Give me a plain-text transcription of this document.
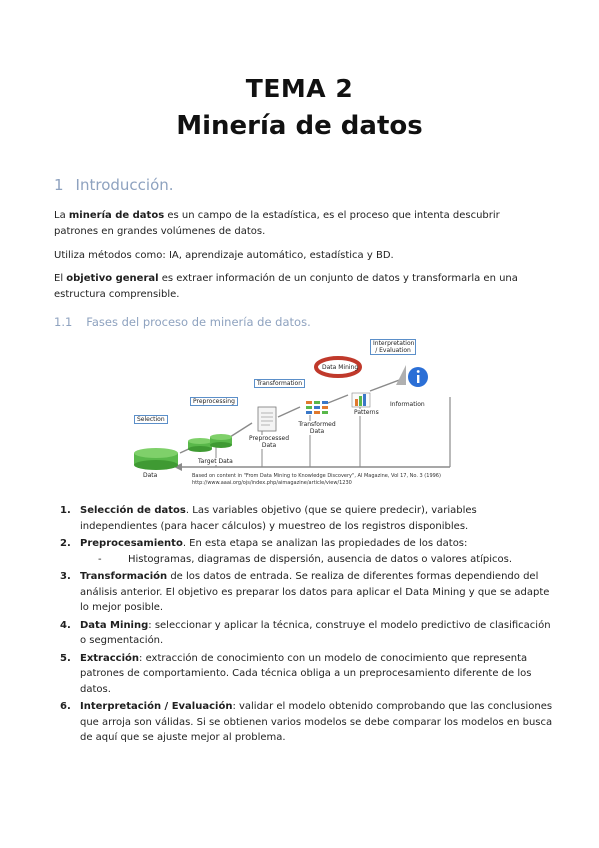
TEMA 2
Minería de datos
1 Introducción.
La minería de datos es un campo de la estadística, es el proceso que intenta descubrir patrones en grandes volúmenes de datos.
Utiliza métodos como: IA, aprendizaje automático, estadística y BD.
El objetivo general es extraer información de un conjunto de datos y transformarla en una estructura comprensible.
1.1 Fases del proceso de minería de datos.
Selection
Data
Target Data
Preprocessing
Preprocessed Data
Transformation
Transformed Data
Data Mining
Patterns
Interpretation / Evaluation
Information
Based on content in "From Data Mining to Knowledge Discovery", AI Magazine, Vol 17, No. 3 (1996) http://www.aaai.org/ojs/index.php/aimagazine/article/view/1230
1. Selección de datos. Las variables objetivo (que se quiere predecir), variables independientes (para hacer cálculos) y muestreo de los registros disponibles.
2. Preprocesamiento. En esta etapa se analizan las propiedades de los datos:
-	Histogramas, diagramas de dispersión, ausencia de datos o valores atípicos.
3. Transformación de los datos de entrada. Se realiza de diferentes formas dependiendo del análisis anterior. El objetivo es preparar los datos para aplicar el Data Mining y que se adapte lo mejor posible.
4. Data Mining: seleccionar y aplicar la técnica, construye el modelo predictivo de clasificación o segmentación.
5. Extracción: extracción de conocimiento con un modelo de conocimiento que representa patrones de comportamiento. Cada técnica obliga a un preprocesamiento diferente de los datos.
6. Interpretación / Evaluación: validar el modelo obtenido comprobando que las conclusiones que arroja son válidas. Si se obtienen varios modelos se debe comparar los modelos en busca de aquí que se ajuste mejor al problema.
